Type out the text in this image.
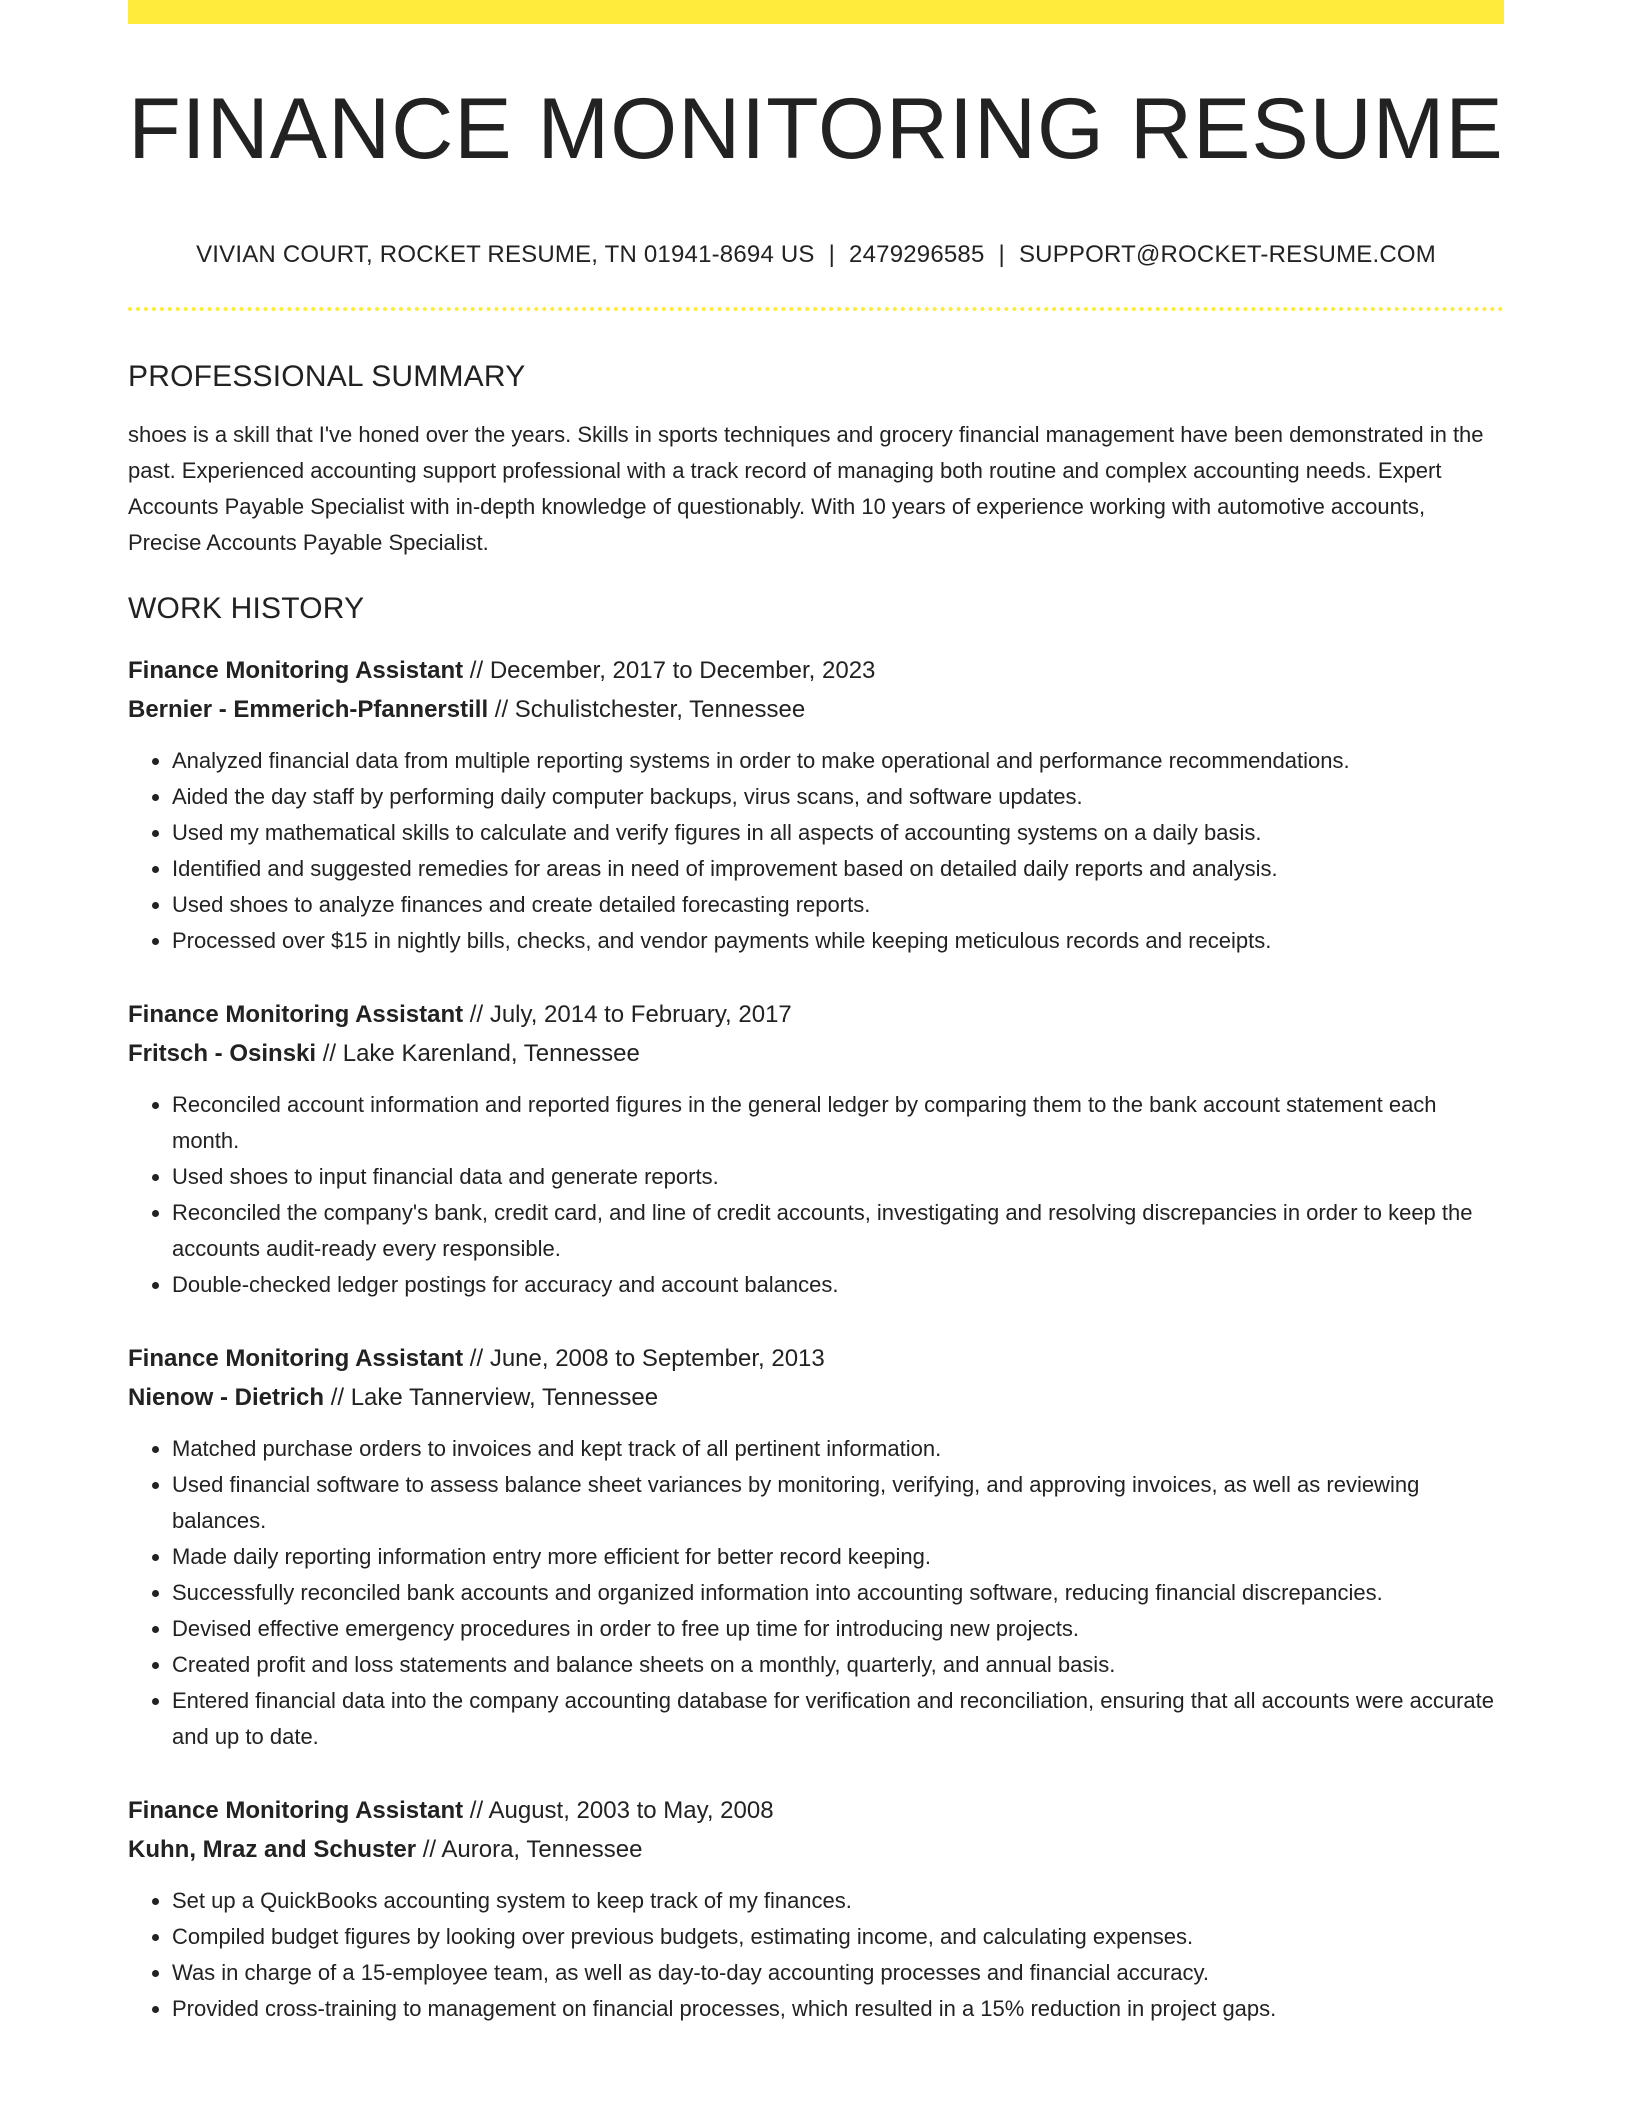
FINANCE MONITORING RESUME
VIVIAN COURT, ROCKET RESUME, TN 01941-8694 US | 2479296585 | SUPPORT@ROCKET-RESUME.COM
PROFESSIONAL SUMMARY

shoes is a skill that I've honed over the years. Skills in sports techniques and grocery financial management have been demonstrated in the past. Experienced accounting support professional with a track record of managing both routine and complex accounting needs. Expert Accounts Payable Specialist with in-depth knowledge of questionably. With 10 years of experience working with automotive accounts, Precise Accounts Payable Specialist.

WORK HISTORY
Finance Monitoring Assistant // December, 2017 to December, 2023
Bernier - Emmerich-Pfannerstill // Schulistchester, Tennessee
• Analyzed financial data from multiple reporting systems in order to make operational and performance recommendations.
• Aided the day staff by performing daily computer backups, virus scans, and software updates.
• Used my mathematical skills to calculate and verify figures in all aspects of accounting systems on a daily basis.
• Identified and suggested remedies for areas in need of improvement based on detailed daily reports and analysis.
• Used shoes to analyze finances and create detailed forecasting reports.
• Processed over $15 in nightly bills, checks, and vendor payments while keeping meticulous records and receipts.
Finance Monitoring Assistant // July, 2014 to February, 2017
Fritsch - Osinski // Lake Karenland, Tennessee
• Reconciled account information and reported figures in the general ledger by comparing them to the bank account statement each month.
• Used shoes to input financial data and generate reports.
• Reconciled the company's bank, credit card, and line of credit accounts, investigating and resolving discrepancies in order to keep the accounts audit-ready every responsible.
• Double-checked ledger postings for accuracy and account balances.
Finance Monitoring Assistant // June, 2008 to September, 2013
Nienow - Dietrich // Lake Tannerview, Tennessee
• Matched purchase orders to invoices and kept track of all pertinent information.
• Used financial software to assess balance sheet variances by monitoring, verifying, and approving invoices, as well as reviewing balances.
• Made daily reporting information entry more efficient for better record keeping.
• Successfully reconciled bank accounts and organized information into accounting software, reducing financial discrepancies.
• Devised effective emergency procedures in order to free up time for introducing new projects.
• Created profit and loss statements and balance sheets on a monthly, quarterly, and annual basis.
• Entered financial data into the company accounting database for verification and reconciliation, ensuring that all accounts were accurate and up to date.
Finance Monitoring Assistant // August, 2003 to May, 2008
Kuhn, Mraz and Schuster // Aurora, Tennessee
• Set up a QuickBooks accounting system to keep track of my finances.
• Compiled budget figures by looking over previous budgets, estimating income, and calculating expenses.
• Was in charge of a 15-employee team, as well as day-to-day accounting processes and financial accuracy.
• Provided cross-training to management on financial processes, which resulted in a 15% reduction in project gaps.
